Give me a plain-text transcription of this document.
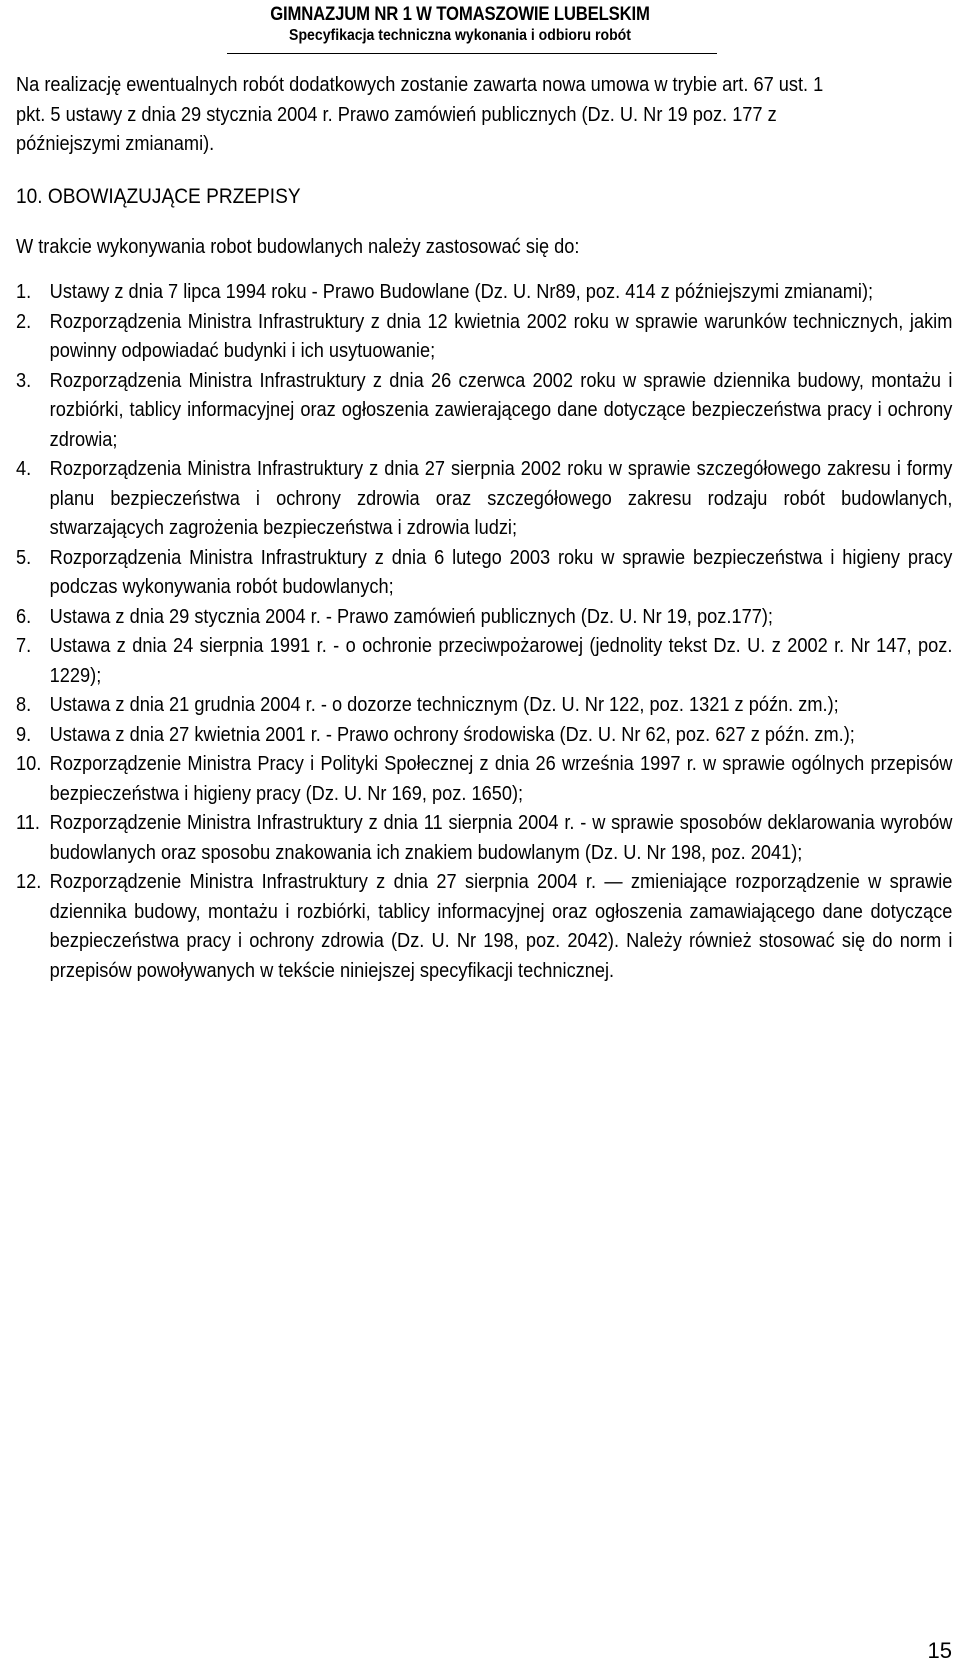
GIMNAZJUM NR 1 W TOMASZOWIE LUBELSKIM
Specyfikacja techniczna wykonania i odbioru robót

Na realizację ewentualnych robót dodatkowych zostanie zawarta nowa umowa w trybie art. 67 ust. 1 pkt. 5 ustawy z dnia 29 stycznia 2004 r. Prawo zamówień publicznych (Dz. U. Nr 19 poz. 177 z późniejszymi zmianami).

10. OBOWIĄZUJĄCE PRZEPISY

W trakcie wykonywania robot budowlanych należy zastosować się do:

1. Ustawy z dnia 7 lipca 1994 roku - Prawo Budowlane (Dz. U. Nr89, poz. 414 z późniejszymi zmianami);
2. Rozporządzenia Ministra Infrastruktury z dnia 12 kwietnia 2002 roku w sprawie warunków technicznych, jakim powinny odpowiadać budynki i ich usytuowanie;
3. Rozporządzenia Ministra Infrastruktury z dnia 26 czerwca 2002 roku w sprawie dziennika budowy, montażu i rozbiórki, tablicy informacyjnej oraz ogłoszenia zawierającego dane dotyczące bezpieczeństwa pracy i ochrony zdrowia;
4. Rozporządzenia Ministra Infrastruktury z dnia 27 sierpnia 2002 roku w sprawie szczegółowego zakresu i formy planu bezpieczeństwa i ochrony zdrowia oraz szczegółowego zakresu rodzaju robót budowlanych, stwarzających zagrożenia bezpieczeństwa i zdrowia ludzi;
5. Rozporządzenia Ministra Infrastruktury z dnia 6 lutego 2003 roku w sprawie bezpieczeństwa i higieny pracy podczas wykonywania robót budowlanych;
6. Ustawa z dnia 29 stycznia 2004 r. - Prawo zamówień publicznych (Dz. U. Nr 19, poz.177);
7. Ustawa z dnia 24 sierpnia 1991 r. - o ochronie przeciwpożarowej (jednolity tekst Dz. U. z 2002 r. Nr 147, poz. 1229);
8. Ustawa z dnia 21 grudnia 2004 r. - o dozorze technicznym (Dz. U. Nr 122, poz. 1321 z późn. zm.);
9. Ustawa z dnia 27 kwietnia 2001 r. - Prawo ochrony środowiska (Dz. U. Nr 62, poz. 627 z późn. zm.);
10. Rozporządzenie Ministra Pracy i Polityki Społecznej z dnia 26 września 1997 r. w sprawie ogólnych przepisów bezpieczeństwa i higieny pracy (Dz. U. Nr 169, poz. 1650);
11. Rozporządzenie Ministra Infrastruktury z dnia 11 sierpnia 2004 r. - w sprawie sposobów deklarowania wyrobów budowlanych oraz sposobu znakowania ich znakiem budowlanym (Dz. U. Nr 198, poz. 2041);
12. Rozporządzenie Ministra Infrastruktury z dnia 27 sierpnia 2004 r. — zmieniające rozporządzenie w sprawie dziennika budowy, montażu i rozbiórki, tablicy informacyjnej oraz ogłoszenia zamawiającego dane dotyczące bezpieczeństwa pracy i ochrony zdrowia (Dz. U. Nr 198, poz. 2042). Należy również stosować się do norm i przepisów powoływanych w tekście niniejszej specyfikacji technicznej.
15
